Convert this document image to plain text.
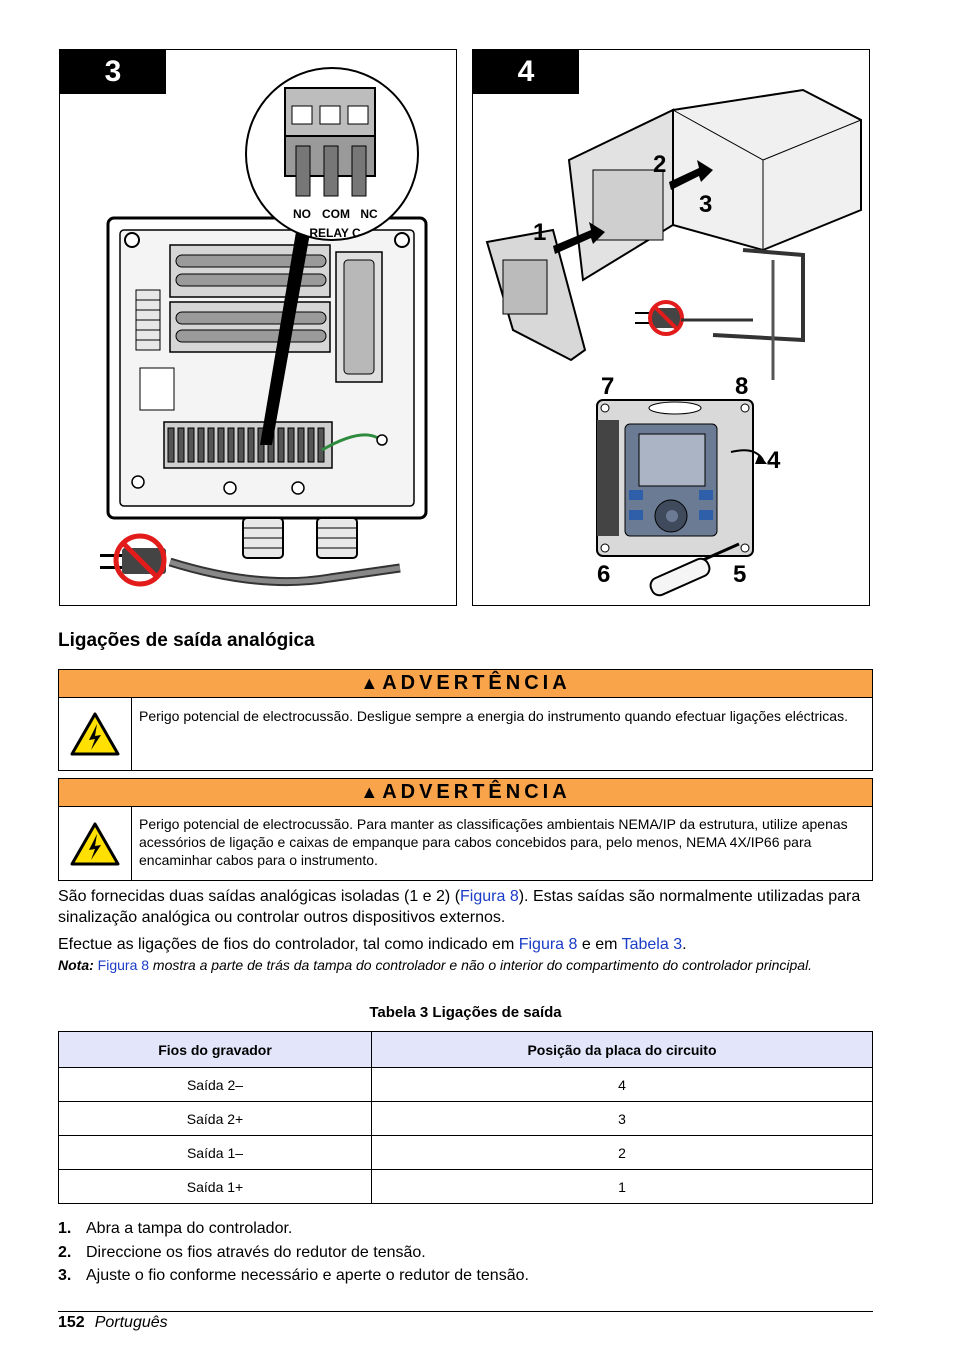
NO COM NC
RELAY C
3
1
2
3
4
5
6
7	8
4
Ligações de saída analógica
▲ ADVERTÊNCIA
Perigo potencial de electrocussão. Desligue sempre a energia do instrumento quando efectuar ligações eléctricas.
▲ ADVERTÊNCIA
Perigo potencial de electrocussão. Para manter as classificações ambientais NEMA/IP da estrutura, utilize apenas acessórios de ligação e caixas de empanque para cabos concebidos para, pelo menos, NEMA 4X/IP66 para encaminhar cabos para o instrumento.

São fornecidas duas saídas analógicas isoladas (1 e 2) (Figura 8). Estas saídas são normalmente utilizadas para sinalização analógica ou controlar outros dispositivos externos.

Efectue as ligações de fios do controlador, tal como indicado em Figura 8 e em Tabela 3.

Nota: Figura 8 mostra a parte de trás da tampa do controlador e não o interior do compartimento do controlador principal.

Tabela 3 Ligações de saída
Fios do gravador	Posição da placa do circuito
Saída 2–	4
Saída 2+	3
Saída 1–	2
Saída 1+	1
1. Abra a tampa do controlador.
2. Direccione os fios através do redutor de tensão.
3. Ajuste o fio conforme necessário e aperte o redutor de tensão.
152 Português
